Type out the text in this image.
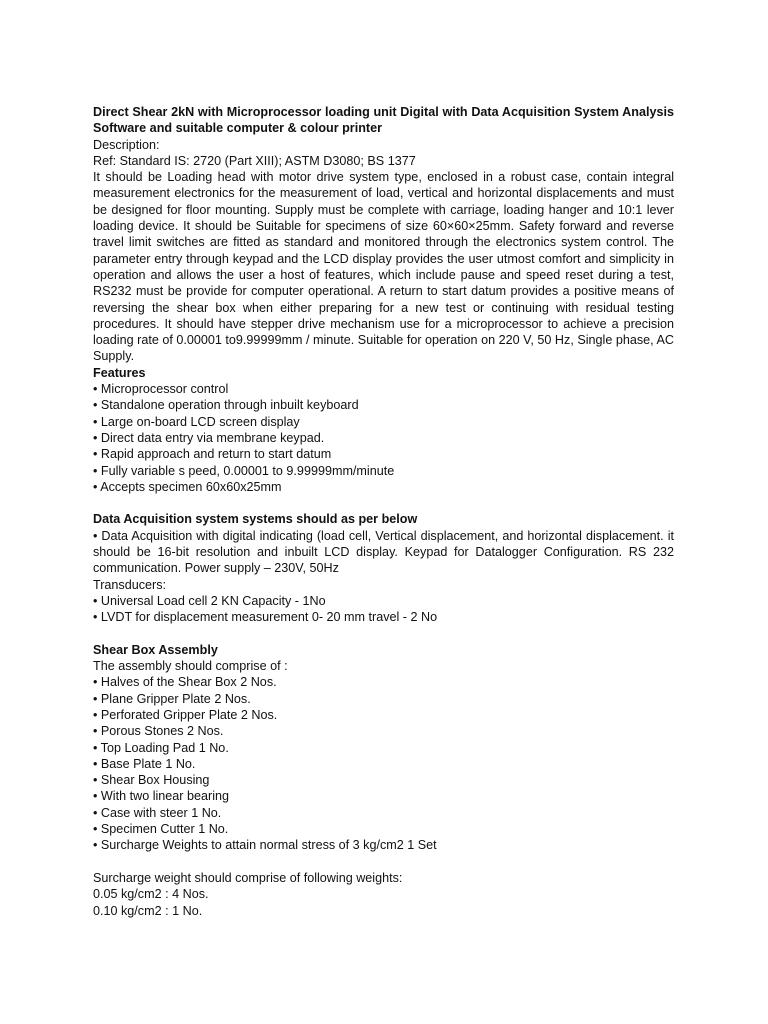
Direct Shear 2kN with Microprocessor loading unit Digital with Data Acquisition System Analysis Software and suitable computer & colour printer

Description:

Ref: Standard IS: 2720 (Part XIII); ASTM D3080; BS 1377

It should be Loading head with motor drive system type, enclosed in a robust case, contain integral measurement electronics for the measurement of load, vertical and horizontal displacements and must be designed for floor mounting. Supply must be complete with carriage, loading hanger and 10:1 lever loading device. It should be Suitable for specimens of size 60×60×25mm. Safety forward and reverse travel limit switches are fitted as standard and monitored through the electronics system control. The parameter entry through keypad and the LCD display provides the user utmost comfort and simplicity in operation and allows the user a host of features, which include pause and speed reset during a test, RS232 must be provide for computer operational. A return to start datum provides a positive means of reversing the shear box when either preparing for a new test or continuing with residual testing procedures. It should have stepper drive mechanism use for a microprocessor to achieve a precision loading rate of 0.00001 to9.99999mm / minute. Suitable for operation on 220 V, 50 Hz, Single phase, AC Supply.

Features

• Microprocessor control
• Standalone operation through inbuilt keyboard
• Large on-board LCD screen display
• Direct data entry via membrane keypad.
• Rapid approach and return to start datum
• Fully variable s peed, 0.00001 to 9.99999mm/minute
• Accepts specimen 60x60x25mm

Data Acquisition system systems should as per below

• Data Acquisition with digital indicating (load cell, Vertical displacement, and horizontal displacement. it should be 16-bit resolution and inbuilt LCD display. Keypad for Datalogger Configuration. RS 232 communication. Power supply – 230V, 50Hz

Transducers:

• Universal Load cell 2 KN Capacity - 1No
• LVDT for displacement measurement 0- 20 mm travel - 2 No

Shear Box Assembly

The assembly should comprise of :

• Halves of the Shear Box 2 Nos.
• Plane Gripper Plate 2 Nos.
• Perforated Gripper Plate 2 Nos.
• Porous Stones 2 Nos.
• Top Loading Pad 1 No.
• Base Plate 1 No.
• Shear Box Housing
• With two linear bearing
• Case with steer 1 No.
• Specimen Cutter 1 No.
• Surcharge Weights to attain normal stress of 3 kg/cm2 1 Set

Surcharge weight should comprise of following weights:

0.05 kg/cm2 : 4 Nos.
0.10 kg/cm2 : 1 No.
